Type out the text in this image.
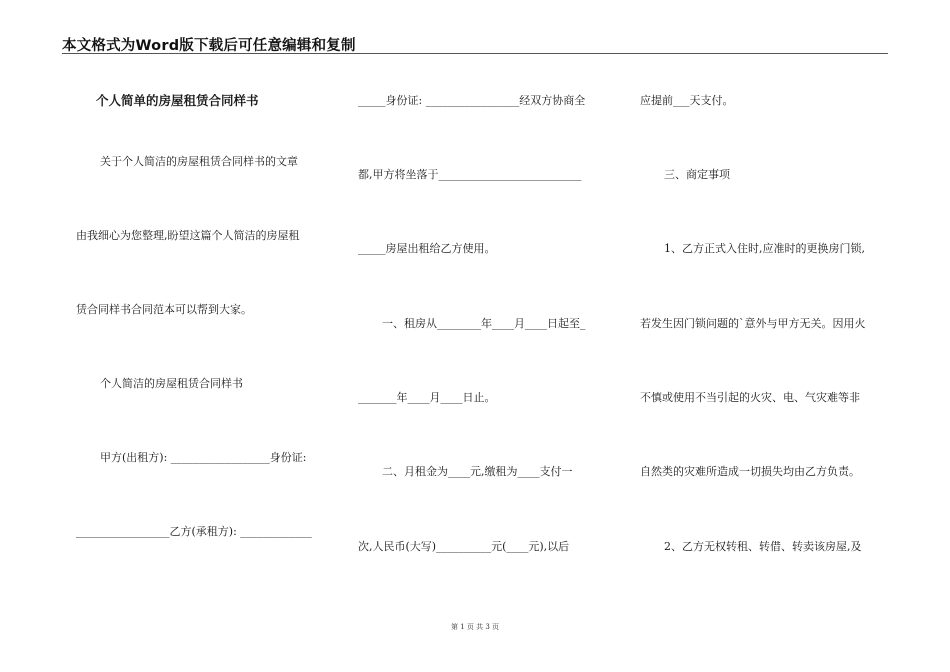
本文格式为Word版下载后可任意编辑和复制
个人简单的房屋租赁合同样书
关于个人简洁的房屋租赁合同样书的文章
由我细心为您整理,盼望这篇个人简洁的房屋租
赁合同样书合同范本可以帮到大家。
个人简洁的房屋租赁合同样书
甲方(出租方): __________________身份证:
_________________乙方(承租方): _____________
_____身份证: _________________经双方协商全
都,甲方将坐落于__________________________
_____房屋出租给乙方使用。
一、租房从________年____月____日起至_
_______年____月____日止。
二、月租金为____元,缴租为____支付一
次,人民币(大写)__________元(____元),以后
应提前___天支付。
三、商定事项
1、乙方正式入住时,应准时的更换房门锁,
若发生因门锁问题的`意外与甲方无关。因用火
不慎或使用不当引起的火灾、电、气灾难等非
自然类的灾难所造成一切损失均由乙方负责。
2、乙方无权转租、转借、转卖该房屋,及
第 1 页 共 3 页
